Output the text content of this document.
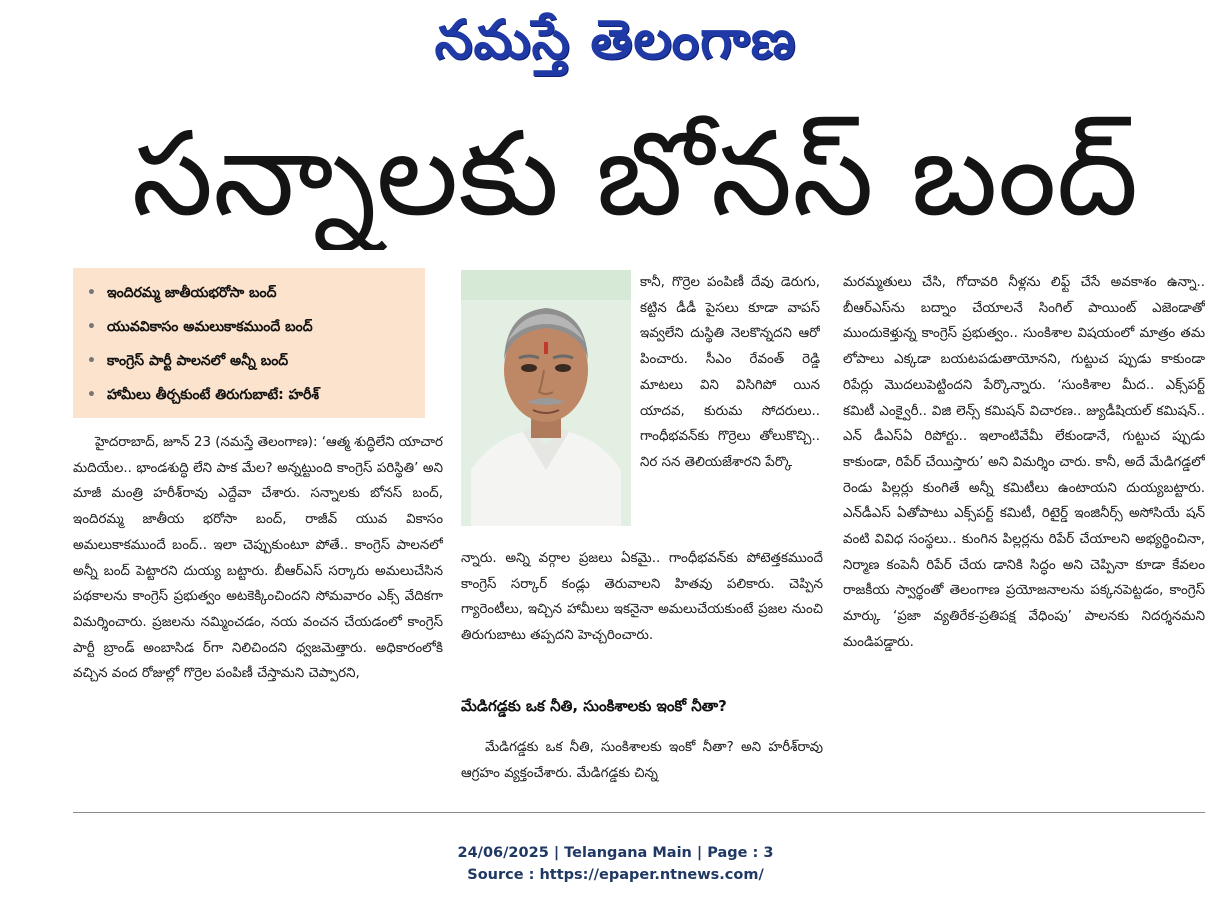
నమస్తే తెలంగాణ
సన్నాలకు బోనస్‌ బంద్‌
• ఇందిరమ్మ జాతీయభరోసా బంద్‌
• యువవికాసం అమలుకాకముందే బంద్‌
• కాంగ్రెస్‌ పార్టీ పాలనలో అన్నీ బంద్‌
• హామీలు తీర్చకుంటే తిరుగుబాటే: హరీశ్‌
హైదరాబాద్‌, జూన్‌ 23 (నమస్తే తెలంగాణ): ‘ఆత్మ శుద్ధిలేని యాచార మదియేల.. భాండశుద్ధి లేని పాక మేల? అన్నట్టుంది కాంగ్రెస్‌ పరిస్థితి’ అని మాజీ మంత్రి హరీశ్‌రావు ఎద్దేవా చేశారు. సన్నాలకు బోనస్‌ బంద్‌, ఇందిరమ్మ జాతీయ భరోసా బంద్‌, రాజీవ్‌ యువ వికాసం అమలుకాకముందే బంద్‌.. ఇలా చెప్పుకుంటూ పోతే.. కాంగ్రెస్‌ పాలనలో అన్నీ బంద్‌ పెట్టారని దుయ్య బట్టారు. బీఆర్‌ఎస్‌ సర్కారు అమలుచేసిన పథకాలను కాంగ్రెస్‌ ప్రభుత్వం అటకెక్కించిందని సోమవారం ఎక్స్‌ వేదికగా విమర్శించారు. ప్రజలను నమ్మించడం, నయ వంచన చేయడంలో కాంగ్రెస్‌ పార్టీ బ్రాండ్‌ అంబాసిడ ర్‌గా నిలిచిందని ధ్వజమెత్తారు. అధికారంలోకి వచ్చిన వంద రోజుల్లో గొర్రెల పంపిణీ చేస్తామని చెప్పారని,
కానీ, గొర్రెల పంపిణీ దేవు డెరుగు, కట్టిన డీడీ పైసలు కూడా వాపస్‌ ఇవ్వలేని దుస్థితి నెలకొన్నదని ఆరో పించారు. సీఎం రేవంత్‌ రెడ్డి మాటలు విని విసిగిపో యిన యాదవ, కురుమ సోదరులు.. గాంధీభవన్‌కు గొర్రెలు తోలుకొచ్చి.. నిర సన తెలియజేశారని పేర్కొ
న్నారు. అన్ని వర్గాల ప్రజలు ఏకమై.. గాంధీభవన్‌కు పోటెత్తకముందే కాంగ్రెస్‌ సర్కార్‌ కండ్లు తెరువాలని హితవు పలికారు. చెప్పిన గ్యారెంటీలు, ఇచ్చిన హామీలు ఇకనైనా అమలుచేయకుంటే ప్రజల నుంచి తిరుగుబాటు తప్పదని హెచ్చరించారు.
మేడిగడ్డకు ఒక నీతి, సుంకిశాలకు ఇంకో నీతా?
మేడిగడ్డకు ఒక నీతి, సుంకిశాలకు ఇంకో నీతా? అని హరీశ్‌రావు ఆగ్రహం వ్యక్తంచేశారు. మేడిగడ్డకు చిన్న
మరమ్మతులు చేసి, గోదావరి నీళ్లను లిఫ్ట్‌ చేసే అవకాశం ఉన్నా.. బీఆర్‌ఎస్‌ను బద్నాం చేయాలనే సింగిల్‌ పాయింట్‌ ఎజెండాతో ముందుకెళ్తున్న కాంగ్రెస్‌ ప్రభుత్వం.. సుంకిశాల విషయంలో మాత్రం తమ లోపాలు ఎక్కడా బయటపడుతాయోనని, గుట్టుచ ప్పుడు కాకుండా రిపేర్లు మొదలుపెట్టిందని పేర్కొన్నారు. ‘సుంకిశాల మీద.. ఎక్స్‌పర్ట్‌ కమిటీ ఎంక్వైరీ.. విజి లెన్స్‌ కమిషన్‌ విచారణ.. జ్యుడీషియల్‌ కమిషన్‌.. ఎన్‌ డీఎస్‌ఏ రిపోర్టు.. ఇలాంటివేమీ లేకుండానే, గుట్టుచ ప్పుడు కాకుండా, రిపేర్‌ చేయిస్తారు’ అని విమర్శిం చారు. కానీ, అదే మేడిగడ్డలో రెండు పిల్లర్లు కుంగితే అన్నీ కమిటీలు ఉంటాయని దుయ్యబట్టారు. ఎన్‌డీఎస్‌ ఏతోపాటు ఎక్స్‌పర్ట్‌ కమిటీ, రిటైర్డ్‌ ఇంజినీర్స్‌ అసోసియే షన్‌ వంటి వివిధ సంస్థలు.. కుంగిన పిల్లర్లను రిపేర్‌ చేయాలని అభ్యర్థించినా, నిర్మాణ కంపెనీ రిపేర్‌ చేయ డానికి సిద్ధం అని చెప్పినా కూడా కేవలం రాజకీయ స్వార్థంతో తెలంగాణ ప్రయోజనాలను పక్కనపెట్టడం, కాంగ్రెస్‌ మార్కు ‘ప్రజా వ్యతిరేక-ప్రతిపక్ష వేధింపు’ పాలనకు నిదర్శనమని మండిపడ్డారు.
24/06/2025 | Telangana Main | Page : 3
Source : https://epaper.ntnews.com/
